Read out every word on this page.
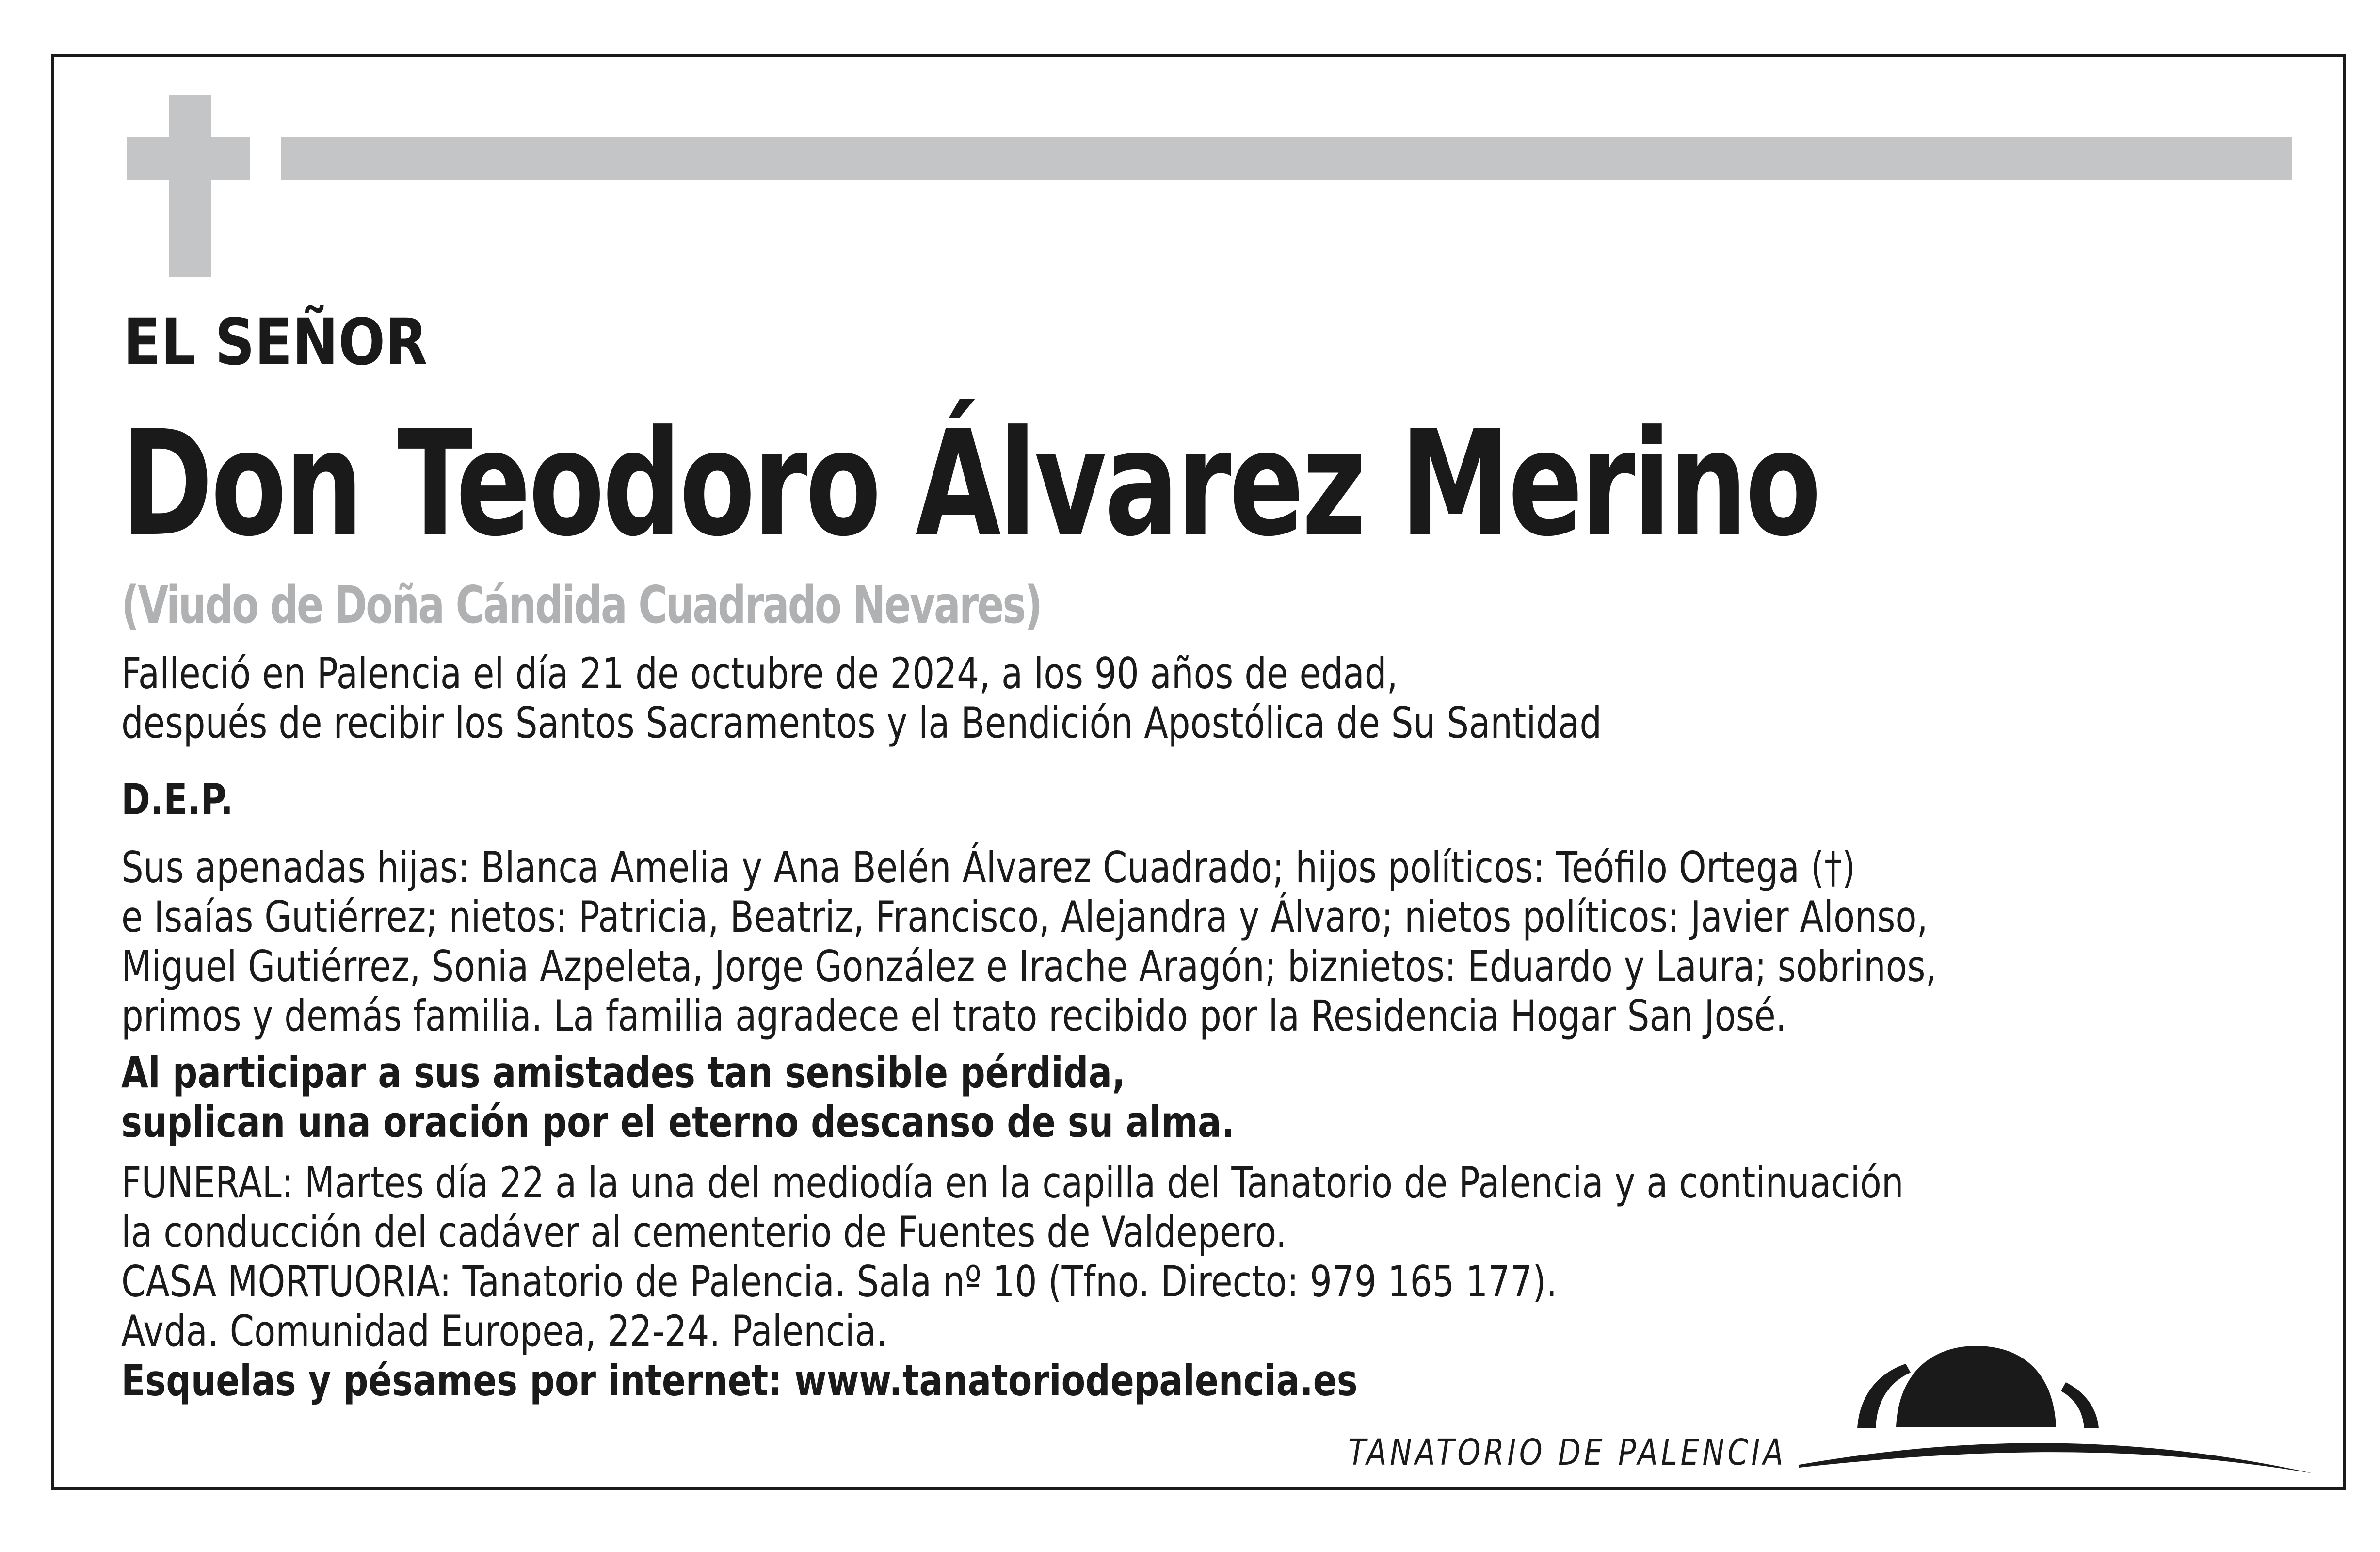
EL SEÑOR
Don Teodoro Álvarez Merino
(Viudo de Doña Cándida Cuadrado Nevares)
Falleció en Palencia el día 21 de octubre de 2024, a los 90 años de edad,
después de recibir los Santos Sacramentos y la Bendición Apostólica de Su Santidad
D.E.P.
Sus apenadas hijas: Blanca Amelia y Ana Belén Álvarez Cuadrado; hijos políticos: Teófilo Ortega (†)
e Isaías Gutiérrez; nietos: Patricia, Beatriz, Francisco, Alejandra y Álvaro; nietos políticos: Javier Alonso,
Miguel Gutiérrez, Sonia Azpeleta, Jorge González e Irache Aragón; biznietos: Eduardo y Laura; sobrinos,
primos y demás familia. La familia agradece el trato recibido por la Residencia Hogar San José.
Al participar a sus amistades tan sensible pérdida,
suplican una oración por el eterno descanso de su alma.
FUNERAL: Martes día 22 a la una del mediodía en la capilla del Tanatorio de Palencia y a continuación
la conducción del cadáver al cementerio de Fuentes de Valdepero.
CASA MORTUORIA: Tanatorio de Palencia. Sala nº 10 (Tfno. Directo: 979 165 177).
Avda. Comunidad Europea, 22-24. Palencia.
Esquelas y pésames por internet: www.tanatoriodepalencia.es
TANATORIO DE PALENCIA
